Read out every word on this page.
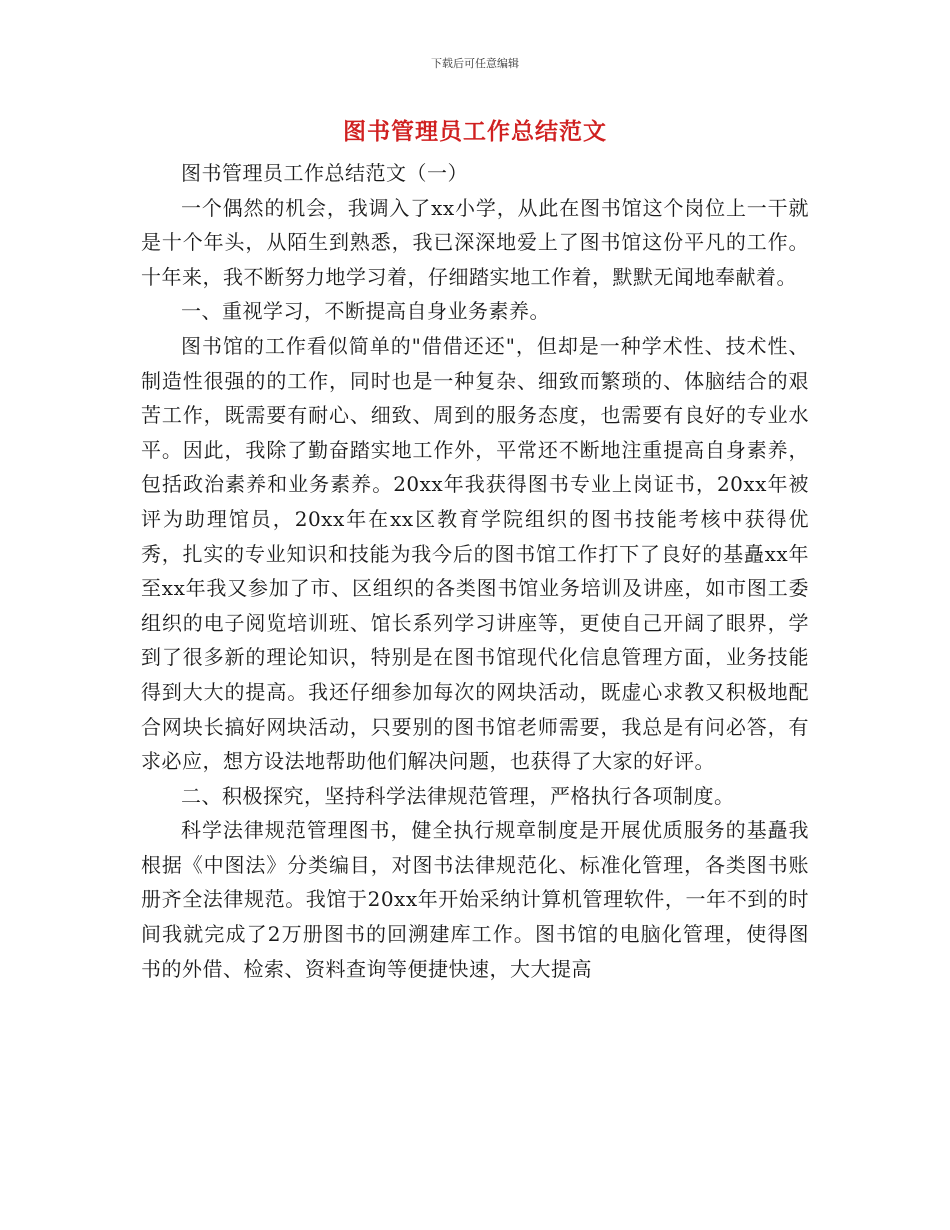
下载后可任意编辑
图书管理员工作总结范文

图书管理员工作总结范文（一）

一个偶然的机会，我调入了xx小学，从此在图书馆这个岗位上一干就是十个年头，从陌生到熟悉，我已深深地爱上了图书馆这份平凡的工作。十年来，我不断努力地学习着，仔细踏实地工作着，默默无闻地奉献着。

一、重视学习，不断提高自身业务素养。

图书馆的工作看似简单的"借借还还"，但却是一种学术性、技术性、制造性很强的的工作，同时也是一种复杂、细致而繁琐的、体脑结合的艰苦工作，既需要有耐心、细致、周到的服务态度，也需要有良好的专业水平。因此，我除了勤奋踏实地工作外，平常还不断地注重提高自身素养，包括政治素养和业务素养。20xx年我获得图书专业上岗证书，20xx年被评为助理馆员，20xx年在xx区教育学院组织的图书技能考核中获得优秀，扎实的专业知识和技能为我今后的图书馆工作打下了良好的基矗xx年至xx年我又参加了市、区组织的各类图书馆业务培训及讲座，如市图工委组织的电子阅览培训班、馆长系列学习讲座等，更使自己开阔了眼界，学到了很多新的理论知识，特别是在图书馆现代化信息管理方面，业务技能得到大大的提高。我还仔细参加每次的网块活动，既虚心求教又积极地配合网块长搞好网块活动，只要别的图书馆老师需要，我总是有问必答，有求必应，想方设法地帮助他们解决问题，也获得了大家的好评。

二、积极探究，坚持科学法律规范管理，严格执行各项制度。

科学法律规范管理图书，健全执行规章制度是开展优质服务的基矗我根据《中图法》分类编目，对图书法律规范化、标准化管理，各类图书账册齐全法律规范。我馆于20xx年开始采纳计算机管理软件，一年不到的时间我就完成了2万册图书的回溯建库工作。图书馆的电脑化管理，使得图书的外借、检索、资料查询等便捷快速，大大提高
